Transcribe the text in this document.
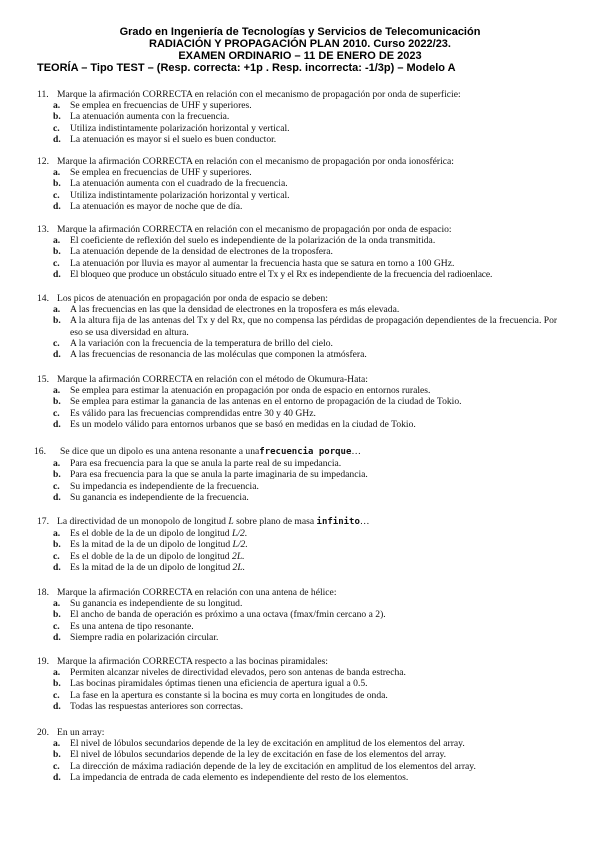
Grado en Ingeniería de Tecnologías y Servicios de Telecomunicación
RADIACIÓN Y PROPAGACIÓN PLAN 2010. Curso 2022/23.
EXAMEN ORDINARIO – 11 DE ENERO DE 2023
TEORÍA – Tipo TEST – (Resp. correcta: +1p . Resp. incorrecta: -1/3p) – Modelo A
11. Marque la afirmación CORRECTA en relación con el mecanismo de propagación por onda de superficie:
a. Se emplea en frecuencias de UHF y superiores.
b. La atenuación aumenta con la frecuencia.
c. Utiliza indistintamente polarización horizontal y vertical.
d. La atenuación es mayor si el suelo es buen conductor.
12. Marque la afirmación CORRECTA en relación con el mecanismo de propagación por onda ionosférica:
a. Se emplea en frecuencias de UHF y superiores.
b. La atenuación aumenta con el cuadrado de la frecuencia.
c. Utiliza indistintamente polarización horizontal y vertical.
d. La atenuación es mayor de noche que de día.
13. Marque la afirmación CORRECTA en relación con el mecanismo de propagación por onda de espacio:
a. El coeficiente de reflexión del suelo es independiente de la polarización de la onda transmitida.
b. La atenuación depende de la densidad de electrones de la troposfera.
c. La atenuación por lluvia es mayor al aumentar la frecuencia hasta que se satura en torno a 100 GHz.
d. El bloqueo que produce un obstáculo situado entre el Tx y el Rx es independiente de la frecuencia del radioenlace.
14. Los picos de atenuación en propagación por onda de espacio se deben:
a. A las frecuencias en las que la densidad de electrones en la troposfera es más elevada.
b. A la altura fija de las antenas del Tx y del Rx, que no compensa las pérdidas de propagación dependientes de la frecuencia. Por eso se usa diversidad en altura.
c. A la variación con la frecuencia de la temperatura de brillo del cielo.
d. A las frecuencias de resonancia de las moléculas que componen la atmósfera.
15. Marque la afirmación CORRECTA en relación con el método de Okumura-Hata:
a. Se emplea para estimar la atenuación en propagación por onda de espacio en entornos rurales.
b. Se emplea para estimar la ganancia de las antenas en el entorno de propagación de la ciudad de Tokio.
c. Es válido para las frecuencias comprendidas entre 30 y 40 GHz.
d. Es un modelo válido para entornos urbanos que se basó en medidas en la ciudad de Tokio.
16. Se dice que un dipolo es una antena resonante a unafrecuencia porque…
a. Para esa frecuencia para la que se anula la parte real de su impedancia.
b. Para esa frecuencia para la que se anula la parte imaginaria de su impedancia.
c. Su impedancia es independiente de la frecuencia.
d. Su ganancia es independiente de la frecuencia.
17. La directividad de un monopolo de longitud L sobre plano de masa infinito…
a. Es el doble de la de un dipolo de longitud L/2.
b. Es la mitad de la de un dipolo de longitud L/2.
c. Es el doble de la de un dipolo de longitud 2L.
d. Es la mitad de la de un dipolo de longitud 2L.
18. Marque la afirmación CORRECTA en relación con una antena de hélice:
a. Su ganancia es independiente de su longitud.
b. El ancho de banda de operación es próximo a una octava (fmax/fmin cercano a 2).
c. Es una antena de tipo resonante.
d. Siempre radia en polarización circular.
19. Marque la afirmación CORRECTA respecto a las bocinas piramidales:
a. Permiten alcanzar niveles de directividad elevados, pero son antenas de banda estrecha.
b. Las bocinas piramidales óptimas tienen una eficiencia de apertura igual a 0.5.
c. La fase en la apertura es constante si la bocina es muy corta en longitudes de onda.
d. Todas las respuestas anteriores son correctas.
20. En un array:
a. El nivel de lóbulos secundarios depende de la ley de excitación en amplitud de los elementos del array.
b. El nivel de lóbulos secundarios depende de la ley de excitación en fase de los elementos del array.
c. La dirección de máxima radiación depende de la ley de excitación en amplitud de los elementos del array.
d. La impedancia de entrada de cada elemento es independiente del resto de los elementos.
